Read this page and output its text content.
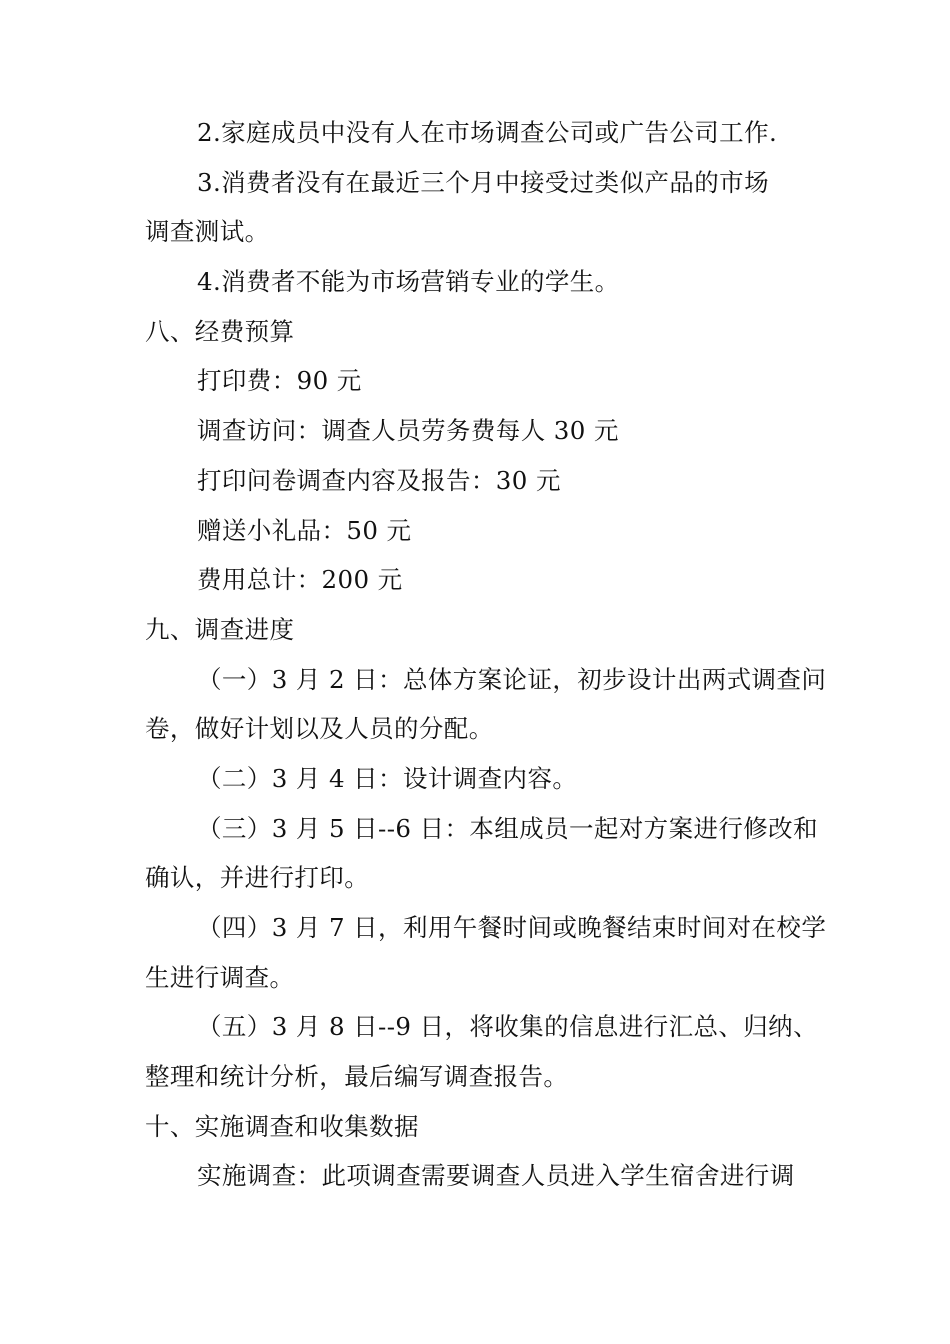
2.家庭成员中没有人在市场调查公司或广告公司工作.
3.消费者没有在最近三个月中接受过类似产品的市场
调查测试。
4.消费者不能为市场营销专业的学生。
八、经费预算
打印费：90 元
调查访问：调查人员劳务费每人 30 元
打印问卷调查内容及报告：30 元
赠送小礼品：50 元
费用总计：200 元
九、调查进度
（一）3 月 2 日：总体方案论证，初步设计出两式调查问
卷，做好计划以及人员的分配。
（二）3 月 4 日：设计调查内容。
（三）3 月 5 日--6 日：本组成员一起对方案进行修改和
确认，并进行打印。
（四）3 月 7 日，利用午餐时间或晚餐结束时间对在校学
生进行调查。
（五）3 月 8 日--9 日，将收集的信息进行汇总、归纳、
整理和统计分析，最后编写调查报告。
十、实施调查和收集数据
实施调查：此项调查需要调查人员进入学生宿舍进行调
